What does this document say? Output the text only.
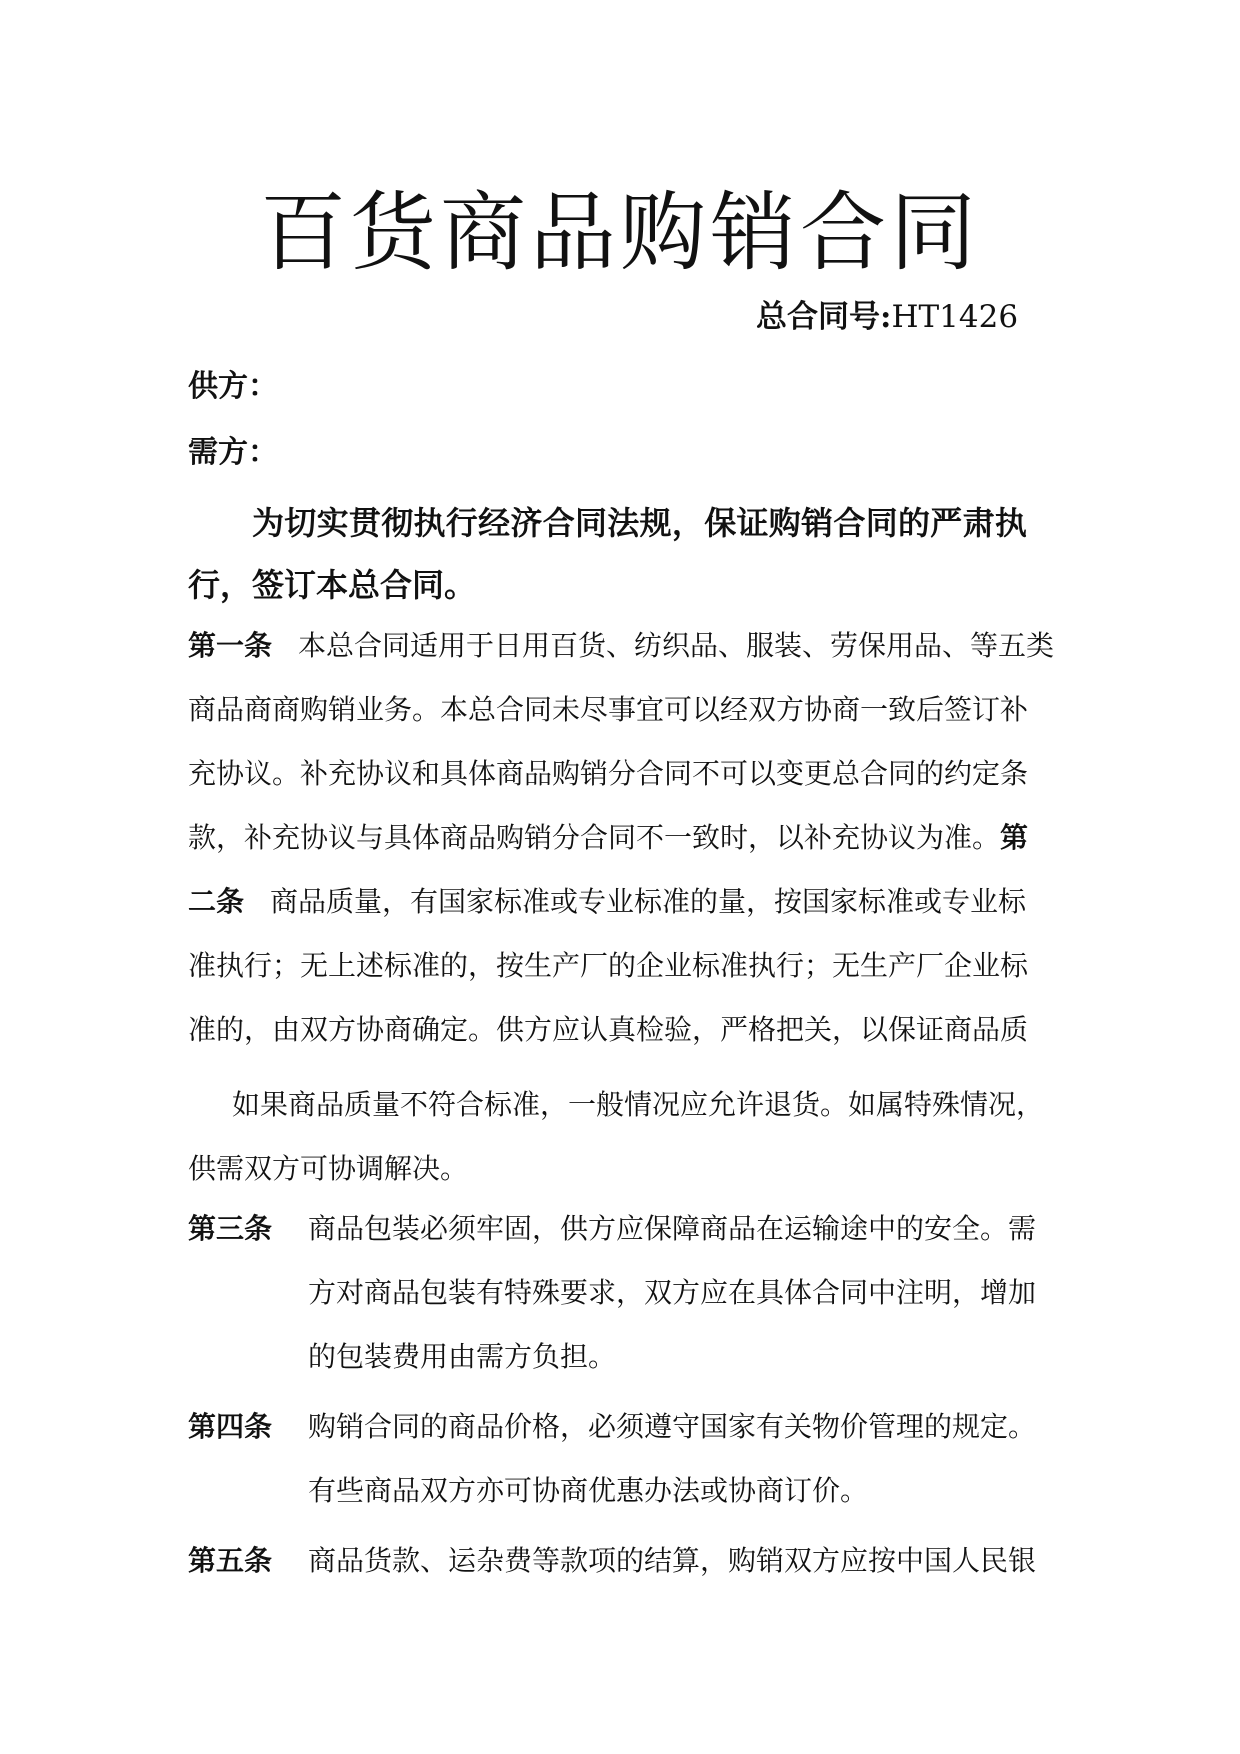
百货商品购销合同
总合同号:HT1426
供方：
需方：

为切实贯彻执行经济合同法规，保证购销合同的严肃执
行，签订本总合同。

第一条 本总合同适用于日用百货、纺织品、服装、劳保用品、等五类
商品商商购销业务。本总合同未尽事宜可以经双方协商一致后签订补
充协议。补充协议和具体商品购销分合同不可以变更总合同的约定条
款，补充协议与具体商品购销分合同不一致时，以补充协议为准。第
二条 商品质量，有国家标准或专业标准的量，按国家标准或专业标
准执行；无上述标准的，按生产厂的企业标准执行；无生产厂企业标
准的，由双方协商确定。供方应认真检验，严格把关，以保证商品质
如果商品质量不符合标准，一般情况应允许退货。如属特殊情况，
供需双方可协调解决。
第三条 商品包装必须牢固，供方应保障商品在运输途中的安全。需
方对商品包装有特殊要求，双方应在具体合同中注明，增加
的包装费用由需方负担。
第四条 购销合同的商品价格，必须遵守国家有关物价管理的规定。
有些商品双方亦可协商优惠办法或协商订价。
第五条 商品货款、运杂费等款项的结算，购销双方应按中国人民银
